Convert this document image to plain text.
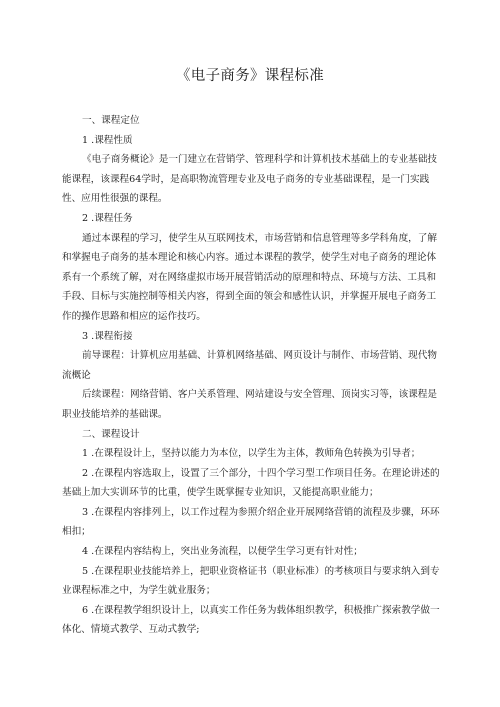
《电子商务》课程标准

一、课程定位

1 .课程性质

《电子商务概论》是一门建立在营销学、管理科学和计算机技术基础上的专业基础技能课程，该课程64学时，是高职物流管理专业及电子商务的专业基础课程，是一门实践性、应用性很强的课程。

2 .课程任务

通过本课程的学习，使学生从互联网技术，市场营销和信息管理等多学科角度，了解和掌握电子商务的基本理论和核心内容。通过本课程的教学，使学生对电子商务的理论体系有一个系统了解，对在网络虚拟市场开展营销活动的原理和特点、环境与方法、工具和手段、目标与实施控制等相关内容，得到全面的领会和感性认识，并掌握开展电子商务工作的操作思路和相应的运作技巧。

3 .课程衔接

前导课程：计算机应用基础、计算机网络基础、网页设计与制作、市场营销、现代物流概论

后续课程：网络营销、客户关系管理、网站建设与安全管理、顶岗实习等，该课程是职业技能培养的基础课。

二、课程设计

1 .在课程设计上，坚持以能力为本位，以学生为主体，教师角色转换为引导者；

2 .在课程内容选取上，设置了三个部分，十四个学习型工作项目任务。在理论讲述的基础上加大实训环节的比重，使学生既掌握专业知识，又能提高职业能力；

3 .在课程内容排列上，以工作过程为参照介绍企业开展网络营销的流程及步骤，环环相扣；

4 .在课程内容结构上，突出业务流程，以便学生学习更有针对性；

5 .在课程职业技能培养上，把职业资格证书（职业标准）的考核项目与要求纳入到专业课程标准之中，为学生就业服务；

6 .在课程教学组织设计上，以真实工作任务为载体组织教学，积极推广探索教学做一体化、情境式教学、互动式教学;
